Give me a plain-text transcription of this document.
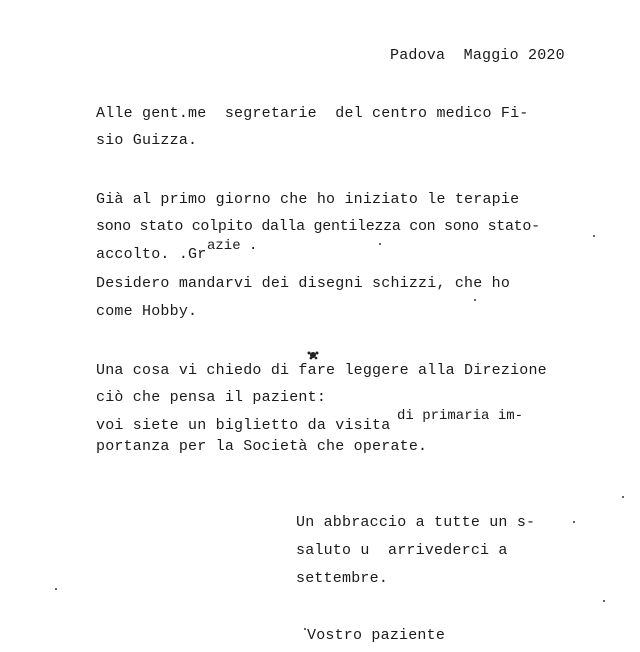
Padova  Maggio 2020
Alle gent.me  segretarie  del centro medico Fi-
sio Guizza.
Già al primo giorno che ho iniziato le terapie
sono stato colpito dalla gentilezza con sono stato-
azie .
accolto. .Gr
Desidero mandarvi dei disegni schizzi, che ho
come Hobby.
Una cosa vi chiedo di fare leggere alla Direzione
ciò che pensa il pazient:
di primaria im-
voi siete un biglietto da visita
portanza per la Società che operate.
Un abbraccio a tutte un s-
saluto u  arrivederci a
settembre.
Vostro paziente
